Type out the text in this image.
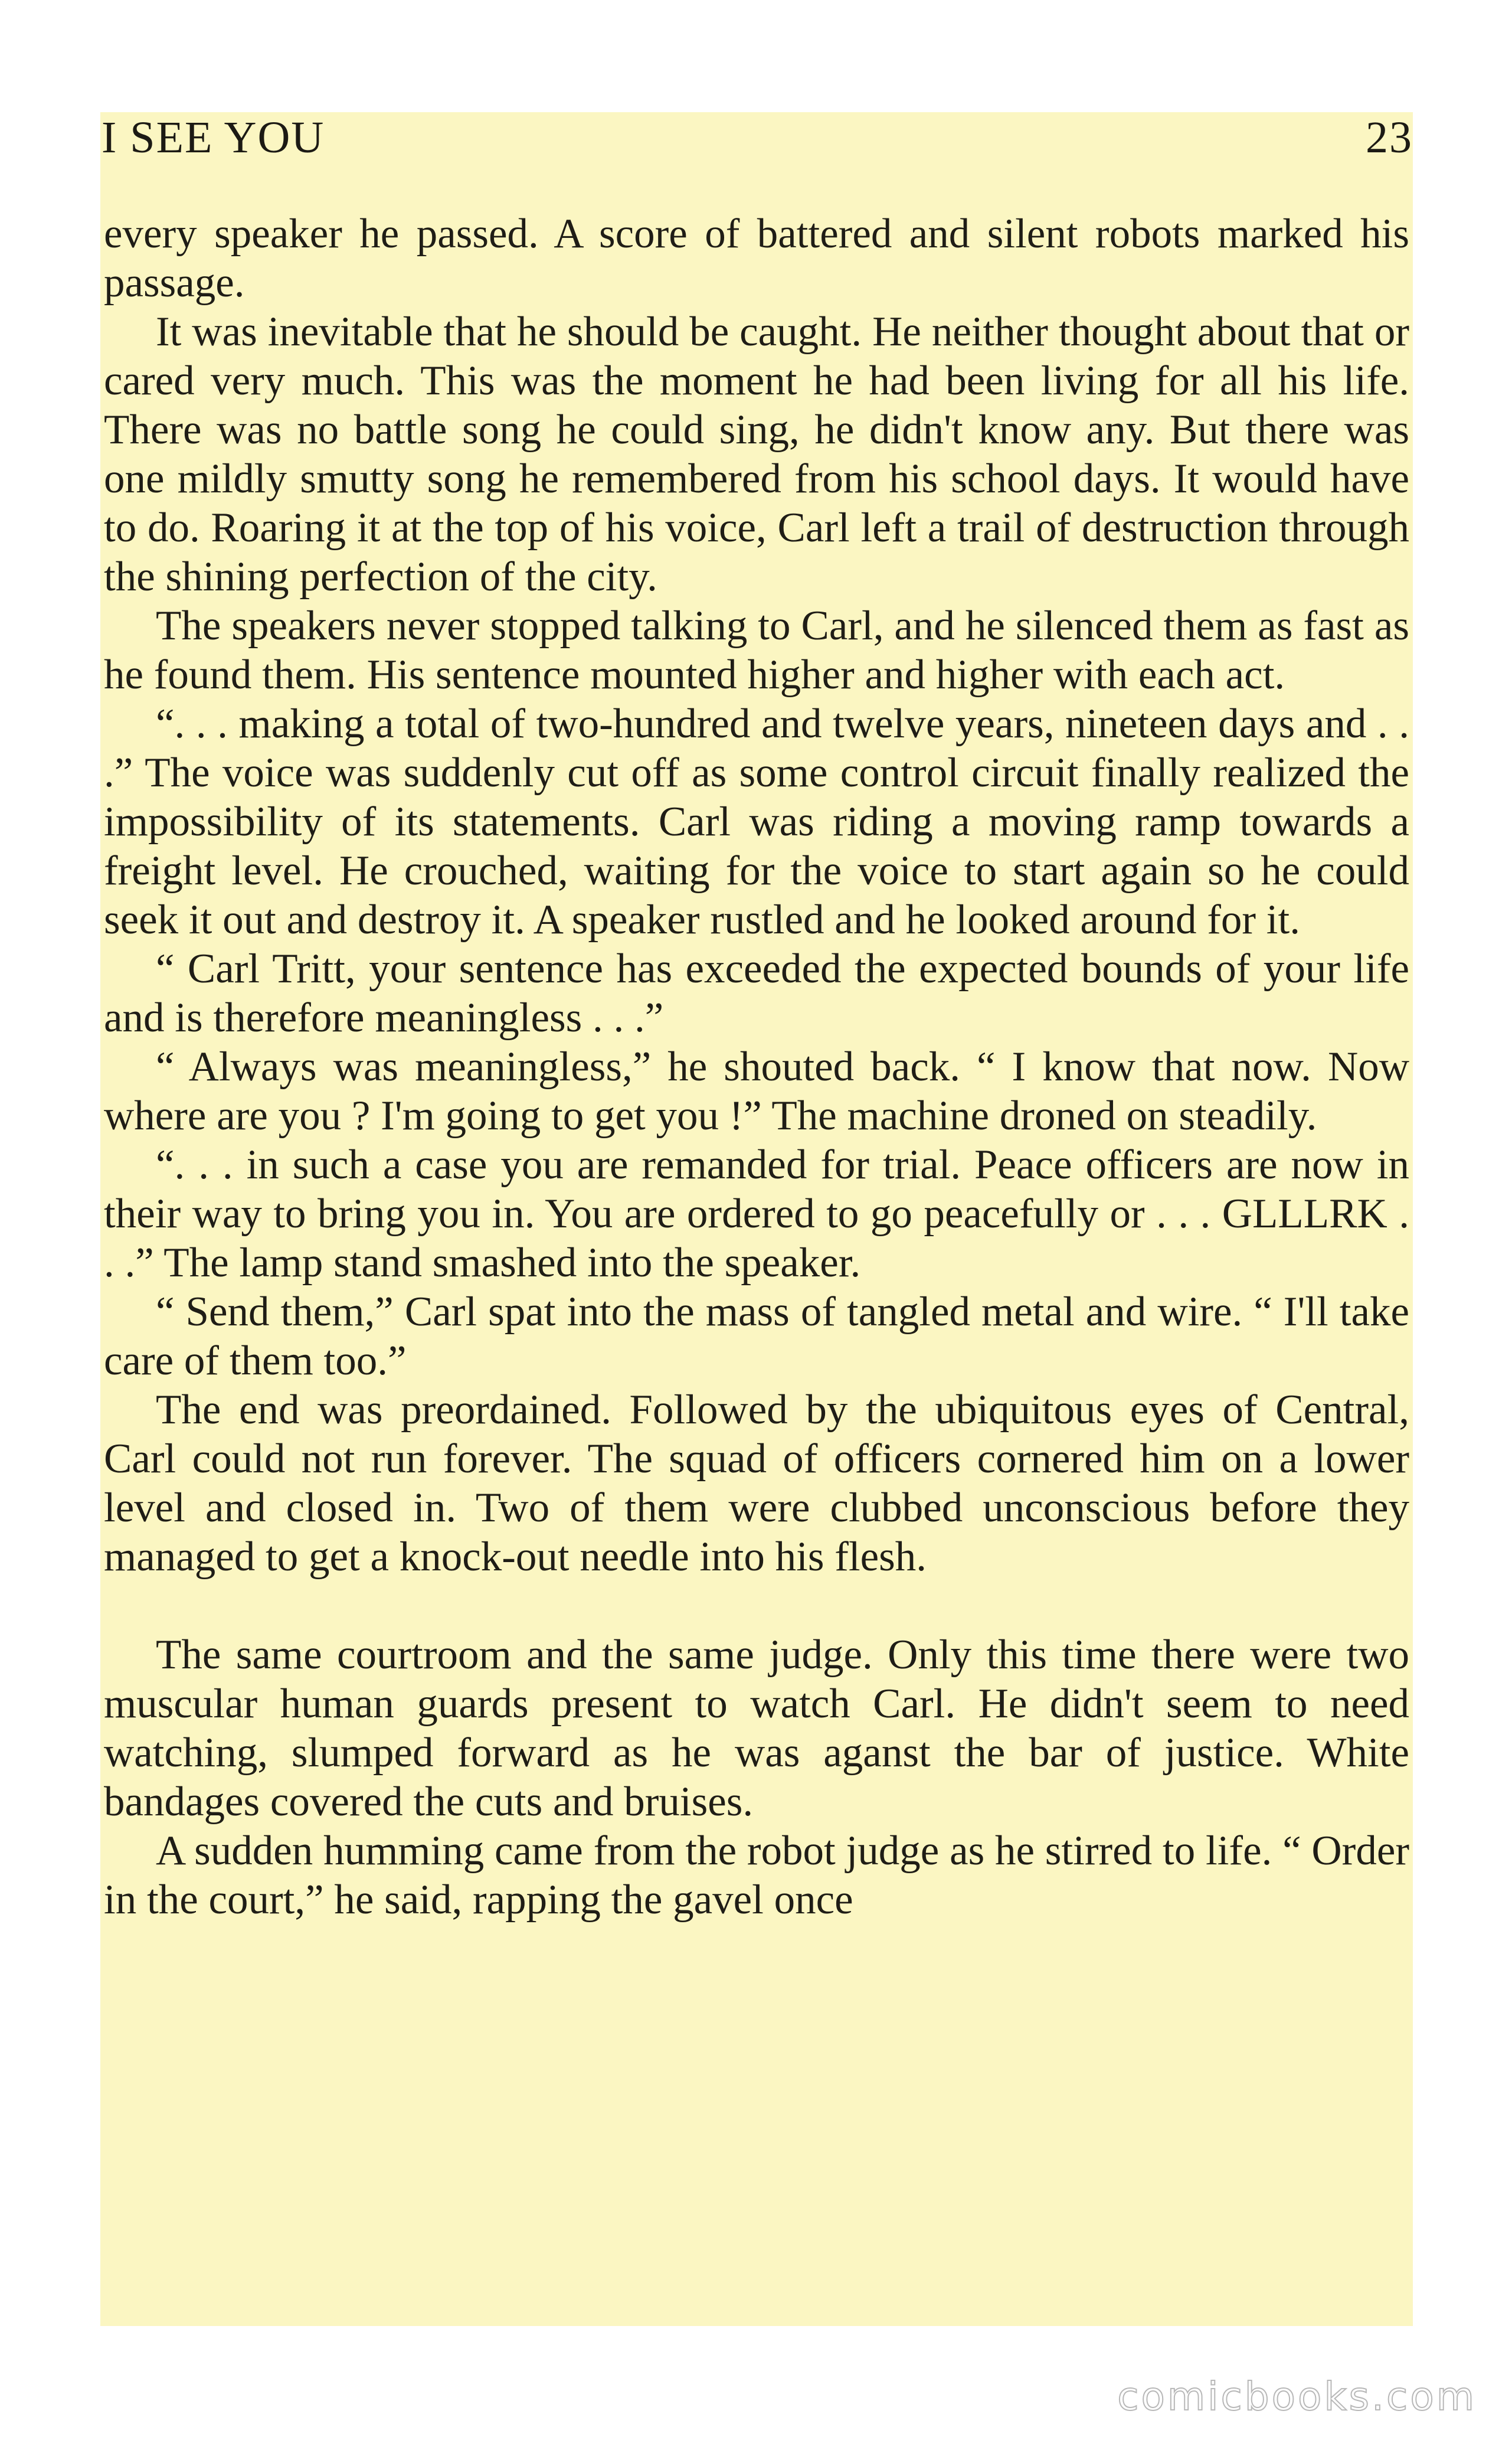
I SEE YOU	23

every speaker he passed. A score of battered and silent robots marked his passage.

It was inevitable that he should be caught. He neither thought about that or cared very much. This was the moment he had been living for all his life. There was no battle song he could sing, he didn't know any. But there was one mildly smutty song he remembered from his school days. It would have to do. Roaring it at the top of his voice, Carl left a trail of destruction through the shining perfection of the city.

The speakers never stopped talking to Carl, and he silenced them as fast as he found them. His sentence mounted higher and higher with each act.

“. . . making a total of two-hundred and twelve years, nineteen days and . . .” The voice was suddenly cut off as some control circuit finally realized the impossibility of its statements. Carl was riding a moving ramp towards a freight level. He crouched, waiting for the voice to start again so he could seek it out and destroy it. A speaker rustled and he looked around for it.

“ Carl Tritt, your sentence has exceeded the expected bounds of your life and is therefore meaningless . . .”

“ Always was meaningless,” he shouted back. “ I know that now. Now where are you ? I'm going to get you !” The machine droned on steadily.

“. . . in such a case you are remanded for trial. Peace officers are now in their way to bring you in. You are ordered to go peacefully or . . . GLLLRK . . .” The lamp stand smashed into the speaker.

“ Send them,” Carl spat into the mass of tangled metal and wire. “ I'll take care of them too.”

The end was preordained. Followed by the ubiquitous eyes of Central, Carl could not run forever. The squad of officers cornered him on a lower level and closed in. Two of them were clubbed unconscious before they managed to get a knock-out needle into his flesh.

The same courtroom and the same judge. Only this time there were two muscular human guards present to watch Carl. He didn't seem to need watching, slumped forward as he was aganst the bar of justice. White bandages covered the cuts and bruises.

A sudden humming came from the robot judge as he stirred to life. “ Order in the court,” he said, rapping the gavel once

comicbooks.com
